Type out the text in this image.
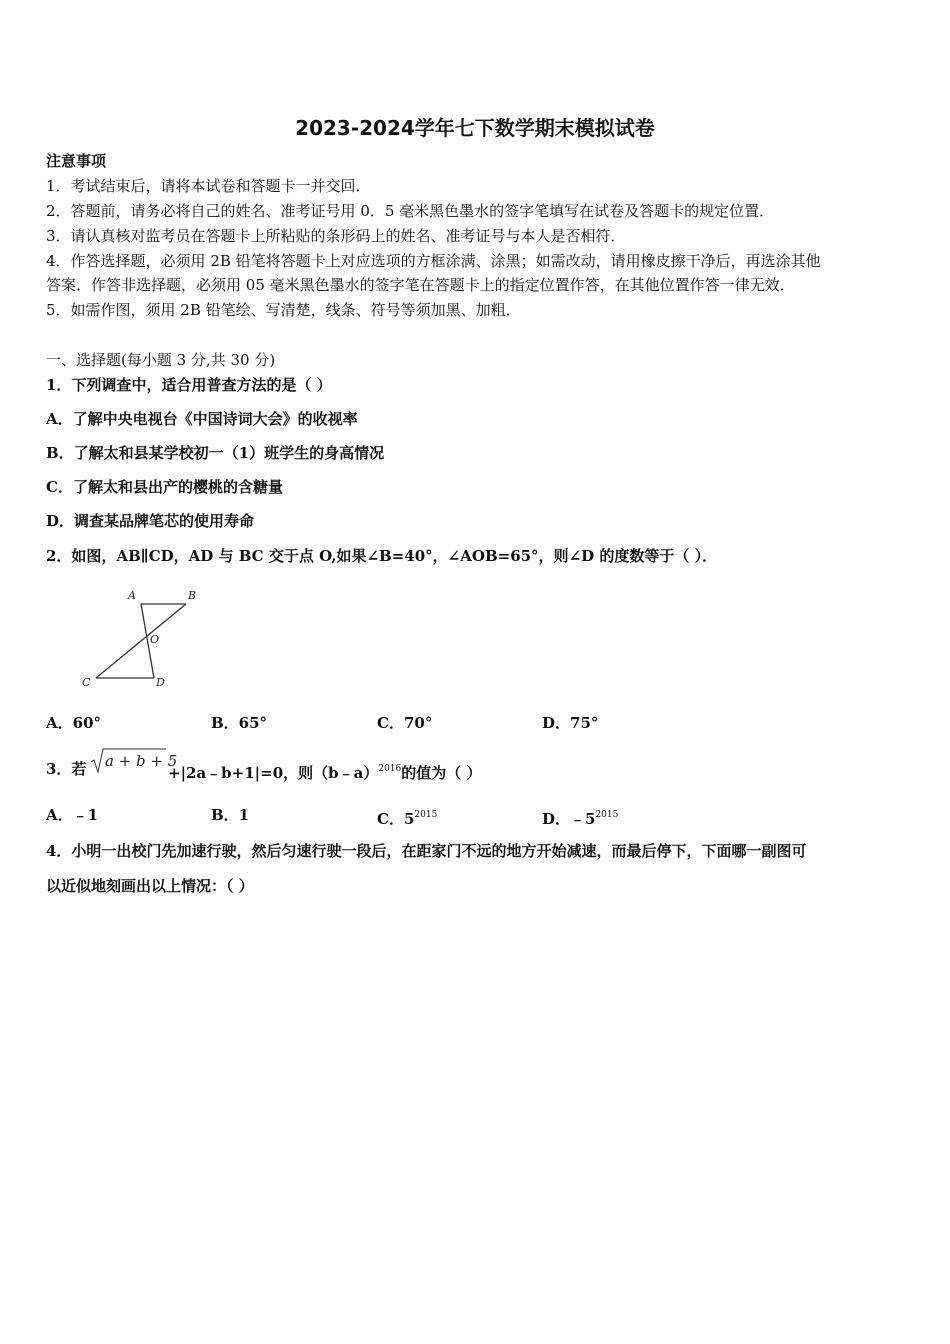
2023-2024学年七下数学期末模拟试卷
注意事项
1．考试结束后，请将本试卷和答题卡一并交回．
2．答题前，请务必将自己的姓名、准考证号用 0．5 毫米黑色墨水的签字笔填写在试卷及答题卡的规定位置．
3．请认真核对监考员在答题卡上所粘贴的条形码上的姓名、准考证号与本人是否相符．
4．作答选择题，必须用 2B 铅笔将答题卡上对应选项的方框涂满、涂黑；如需改动，请用橡皮擦干净后，再选涂其他
答案．作答非选择题，必须用 05 毫米黑色墨水的签字笔在答题卡上的指定位置作答，在其他位置作答一律无效．
5．如需作图，须用 2B 铅笔绘、写清楚，线条、符号等须加黑、加粗．
一、选择题(每小题 3 分,共 30 分)
1．下列调查中，适合用普查方法的是（ ）
A．了解中央电视台《中国诗词大会》的收视率
B．了解太和县某学校初一（1）班学生的身高情况
C．了解太和县出产的樱桃的含糖量
D．调查某品牌笔芯的使用寿命
2．如图，AB∥CD，AD 与 BC 交于点 O,如果∠B=40°，∠AOB=65°，则∠D 的度数等于（ ）．
A	B
O
C	D
A．60°	B．65°	C．70°	D．75°
3．若 a + b + 5
+|2a﹣b+1|=0，则（b﹣a）$^{2016}$的值为（ ）
A．﹣1	B．1	C．$5^{2015}$	D．$﹣5^{2015}$
4．小明一出校门先加速行驶，然后匀速行驶一段后，在距家门不远的地方开始减速，而最后停下，下面哪一副图可
以近似地刻画出以上情况：（ ）
